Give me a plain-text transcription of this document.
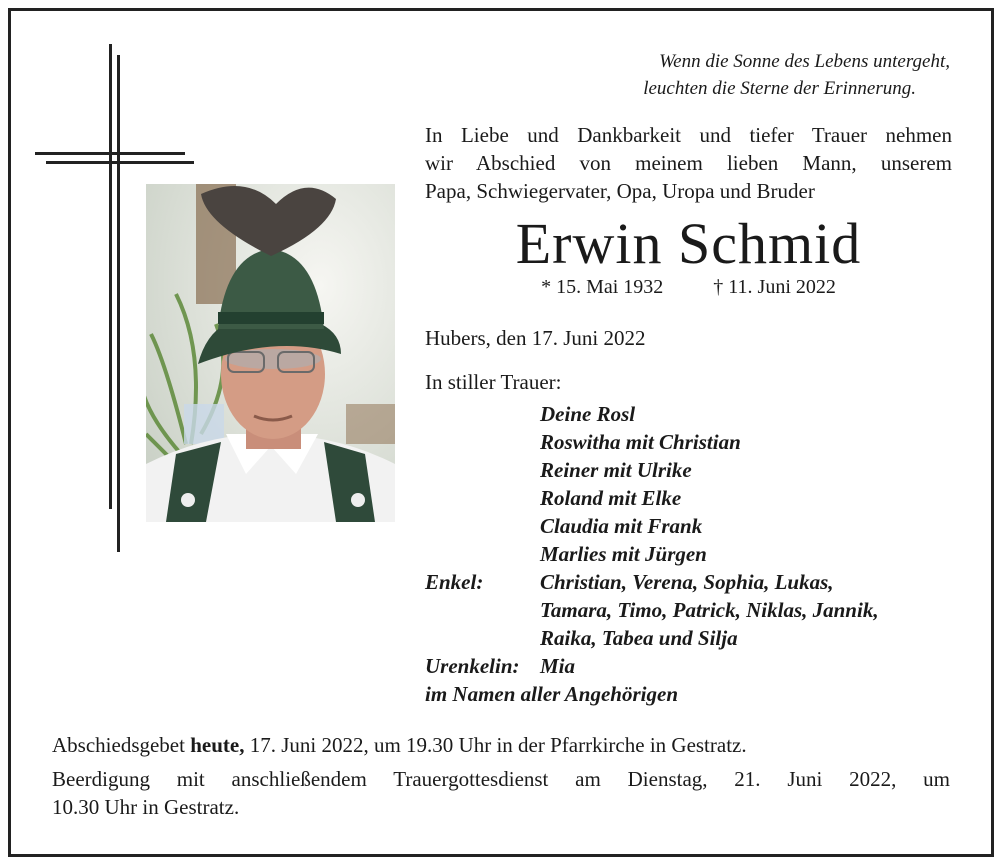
Wenn die Sonne des Lebens untergeht,
leuchten die Sterne der Erinnerung.
In Liebe und Dankbarkeit und tiefer Trauer nehmen
wir Abschied von meinem lieben Mann, unserem
Papa, Schwiegervater, Opa, Uropa und Bruder
Erwin Schmid
* 15. Mai 1932	† 11. Juni 2022
Hubers, den 17. Juni 2022
In stiller Trauer:
Deine Rosl
Roswitha mit Christian
Reiner mit Ulrike
Roland mit Elke
Claudia mit Frank
Marlies mit Jürgen
Enkel:	Christian, Verena, Sophia, Lukas,
Tamara, Timo, Patrick, Niklas, Jannik,
Raika, Tabea und Silja
Urenkelin: Mia
im Namen aller Angehörigen
Abschiedsgebet heute, 17. Juni 2022, um 19.30 Uhr in der Pfarrkirche in Gestratz.
Beerdigung mit anschließendem Trauergottesdienst am Dienstag, 21. Juni 2022, um
10.30 Uhr in Gestratz.
